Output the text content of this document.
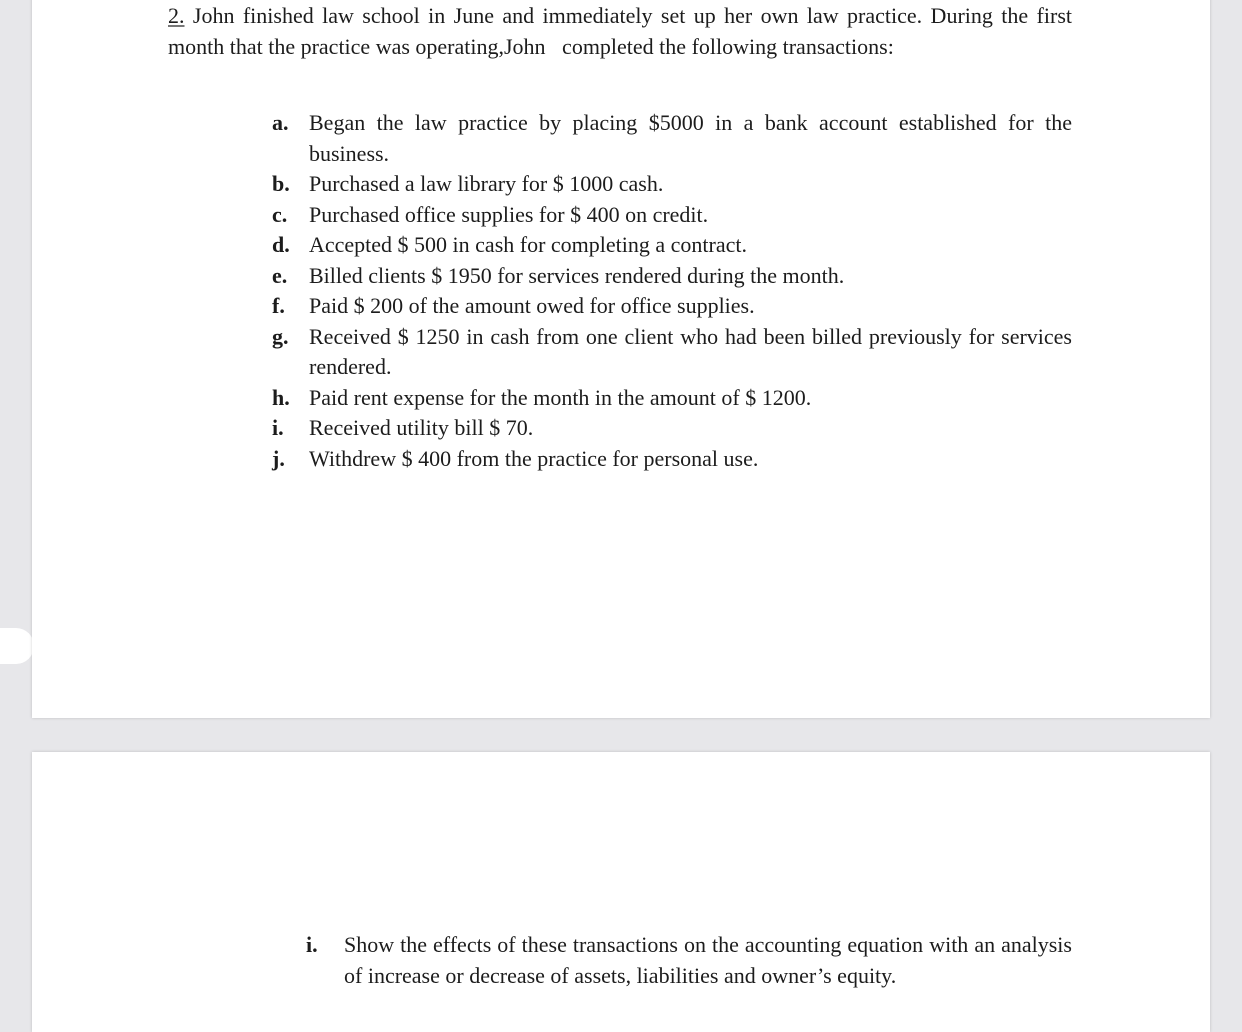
2. John finished law school in June and immediately set up her own law practice. During the first month that the practice was operating,John   completed the following transactions:
a. Began the law practice by placing $5000 in a bank account established for the business.
b. Purchased a law library for $ 1000 cash.
c. Purchased office supplies for $ 400 on credit.
d. Accepted $ 500 in cash for completing a contract.
e. Billed clients $ 1950 for services rendered during the month.
f.	Paid $ 200 of the amount owed for office supplies.
g. Received $ 1250 in cash from one client who had been billed previously for services rendered.
h. Paid rent expense for the month in the amount of $ 1200.
i.	Received utility bill $ 70.
j.	Withdrew $ 400 from the practice for personal use.
i.	Show the effects of these transactions on the accounting equation with an analysis of increase or decrease of assets, liabilities and owner’s equity.
